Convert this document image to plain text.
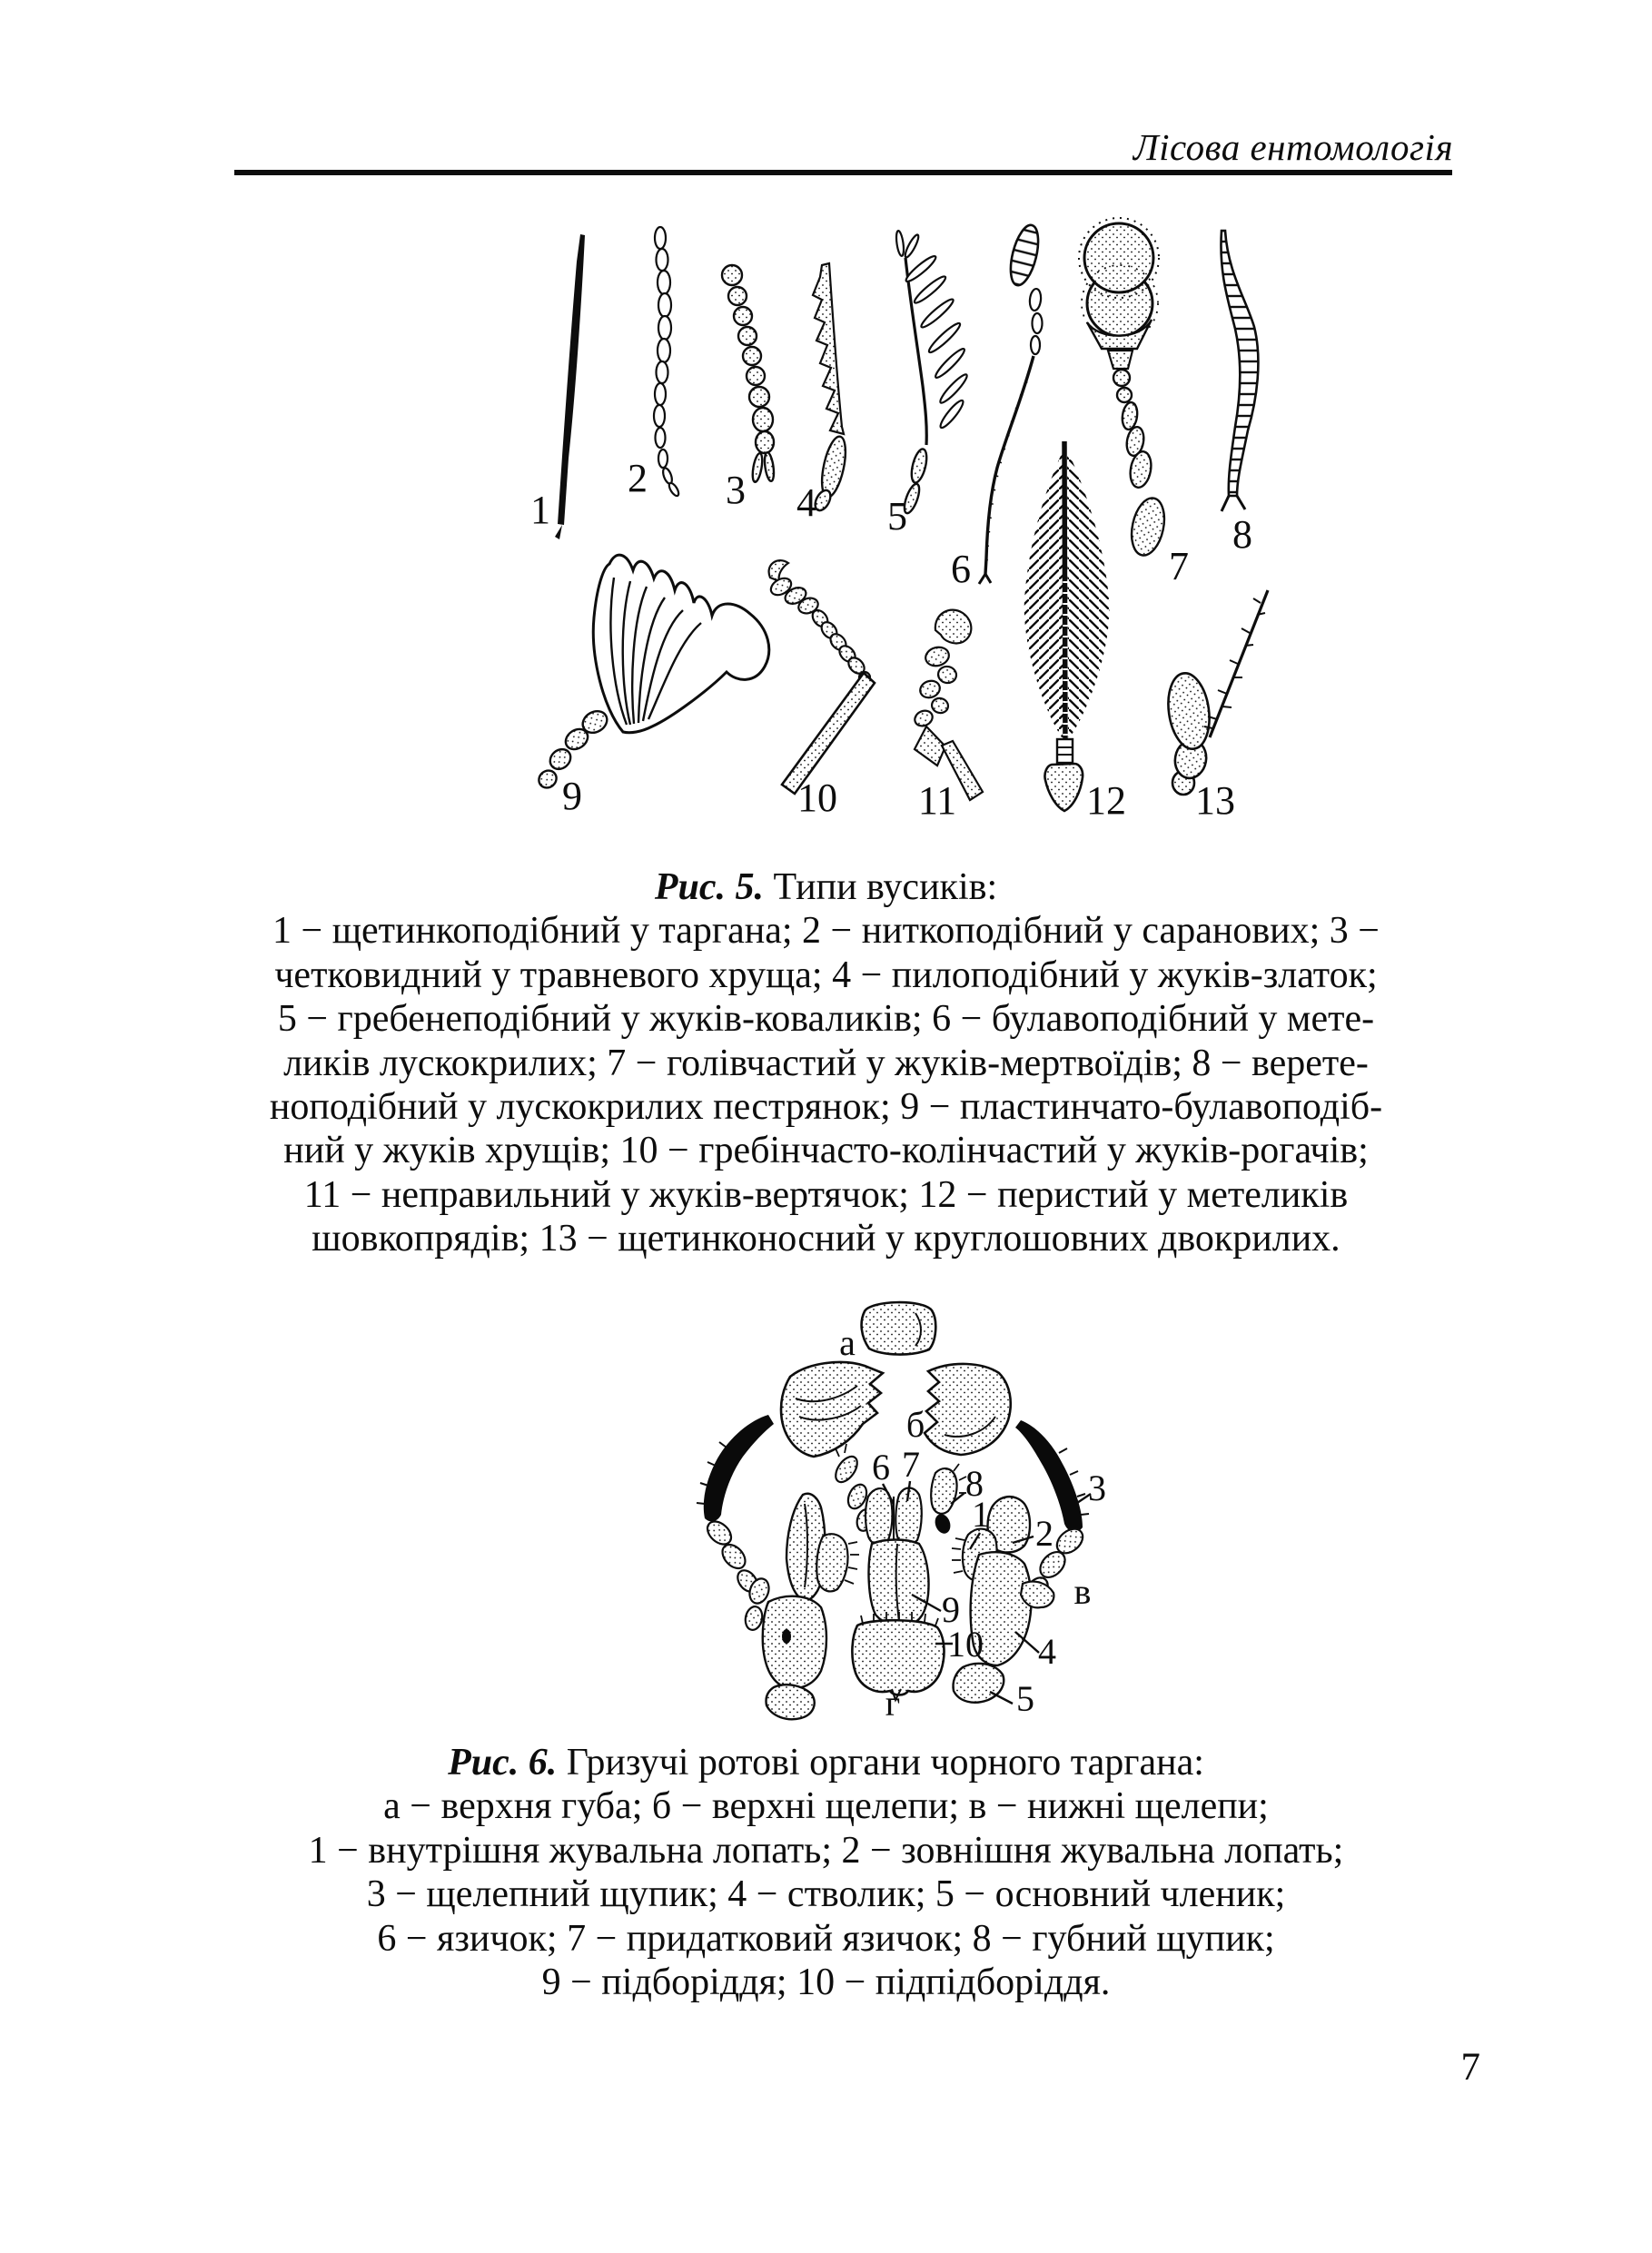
Лісова ентомологія
1
2 3 4 5
6	7
8
9	10 11	12 13
Рис. 5. Типи вусиків:
1 − щетинкоподібний у таргана; 2 − ниткоподібний у саранових; 3 −
четковидний у травневого хруща; 4 − пилоподібний у жуків-златок;
5 − гребенеподібний у жуків-коваликів; 6 − булавоподібний у мете-
ликів лускокрилих; 7 − голівчастий у жуків-мертвоїдів; 8 − верете-
ноподібний у лускокрилих пестрянок; 9 − пластинчато-булавоподіб-
ний у жуків хрущів; 10 − гребінчасто-колінчастий у жуків-рогачів;
11 − неправильний у жуків-вертячок; 12 − перистий у метеликів
шовкопрядів; 13 − щетинконосний у круглошовних двокрилих.
а
б
в
г
1 2
3
4
5
6 7 8
9
10
Рис. 6. Гризучі ротові органи чорного таргана:
а − верхня губа; б − верхні щелепи; в − нижні щелепи;
1 − внутрішня жувальна лопать; 2 − зовнішня жувальна лопать;
3 − щелепний щупик; 4 − стволик; 5 − основний членик;
6 − язичок; 7 − придатковий язичок; 8 − губний щупик;
9 − підборіддя; 10 − підпідборіддя.
7
